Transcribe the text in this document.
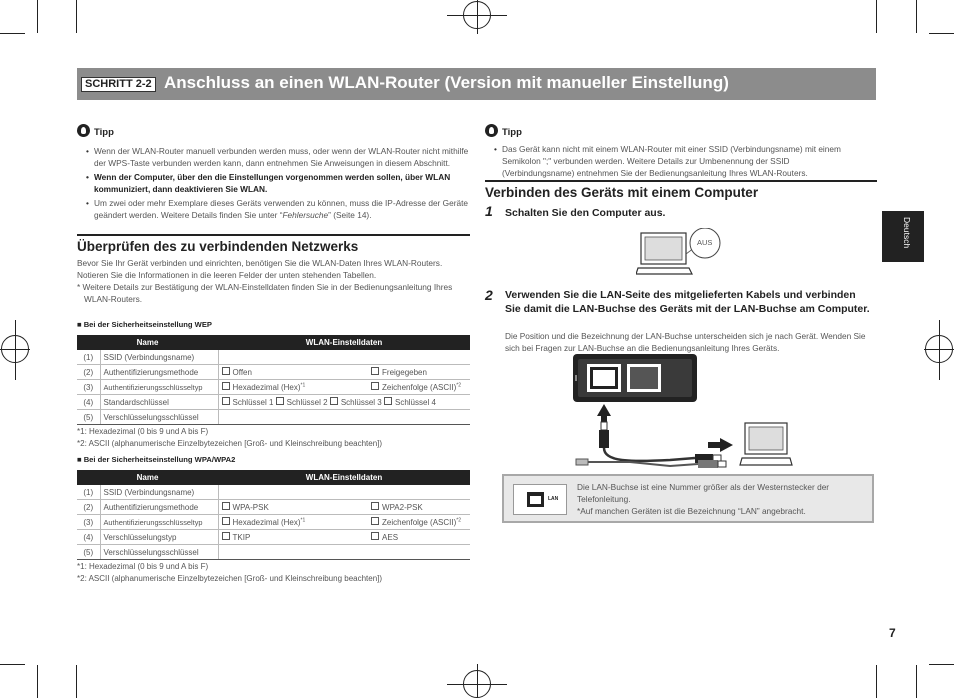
SCHRITT 2-2 Anschluss an einen WLAN-Router (Version mit manueller Einstellung)
Tipp
• Wenn der WLAN-Router manuell verbunden werden muss, oder wenn der WLAN-Router nicht mithilfe der WPS-Taste verbunden werden kann, dann entnehmen Sie Anweisungen in diesem Abschnitt.
• Wenn der Computer, über den die Einstellungen vorgenommen werden sollen, über WLAN kommuniziert, dann deaktivieren Sie WLAN.
• Um zwei oder mehr Exemplare dieses Geräts verwenden zu können, muss die IP-Adresse der Geräte geändert werden. Weitere Details finden Sie unter “Fehlersuche” (Seite 14).
Überprüfen des zu verbindenden Netzwerks
Bevor Sie Ihr Gerät verbinden und einrichten, benötigen Sie die WLAN-Daten Ihres WLAN-Routers. Notieren Sie die Informationen in die leeren Felder der unten stehenden Tabellen.
* Weitere Details zur Bestätigung der WLAN-Einstelldaten finden Sie in der Bedienungsanleitung Ihres WLAN-Routers.
■ Bei der Sicherheitseinstellung WEP
Name		WLAN-Einstelldaten	
(1)	SSID (Verbindungsname)		
(2)	Authentifizierungsmethode	Offen	Freigegeben
(3)	Authentifizierungsschlüsseltyp	Hexadezimal (Hex)$^{*1}$	Zeichenfolge (ASCII)$^{*2}$
(4)	Standardschlüssel	Schlüssel 1 Schlüssel 2 Schlüssel 3 Schlüssel 4	
(5)	Verschlüsselungsschlüssel		
*1: Hexadezimal (0 bis 9 und A bis F)
*2: ASCII (alphanumerische Einzelbytezeichen [Groß- und Kleinschreibung beachten])
■ Bei der Sicherheitseinstellung WPA/WPA2
Name		WLAN-Einstelldaten	
(1)	SSID (Verbindungsname)		
(2)	Authentifizierungsmethode	WPA-PSK	WPA2-PSK
(3)	Authentifizierungsschlüsseltyp	Hexadezimal (Hex)$^{*1}$	Zeichenfolge (ASCII)$^{*2}$
(4)	Verschlüsselungstyp	TKIP	AES
(5)	Verschlüsselungsschlüssel		
*1: Hexadezimal (0 bis 9 und A bis F)
*2: ASCII (alphanumerische Einzelbytezeichen [Groß- und Kleinschreibung beachten])
Tipp
• Das Gerät kann nicht mit einem WLAN-Router mit einer SSID (Verbindungsname) mit einem Semikolon ";" verbunden werden. Weitere Details zur Umbenennung der SSID (Verbindungsname) entnehmen Sie der Bedienungsanleitung Ihres WLAN-Routers.
Verbinden des Geräts mit einem Computer
1 Schalten Sie den Computer aus.
AUS
2 Verwenden Sie die LAN-Seite des mitgelieferten Kabels und verbinden Sie damit die LAN-Buchse des Geräts mit der LAN-Buchse am Computer.
Die Position und die Bezeichnung der LAN-Buchse unterscheiden sich je nach Gerät. Wenden Sie sich bei Fragen zur LAN-Buchse an die Bedienungsanleitung Ihres Geräts.
LAN
Die LAN-Buchse ist eine Nummer größer als der Westernstecker der Telefonleitung.
*Auf manchen Geräten ist die Bezeichnung “LAN” angebracht.
Deutsch
7
